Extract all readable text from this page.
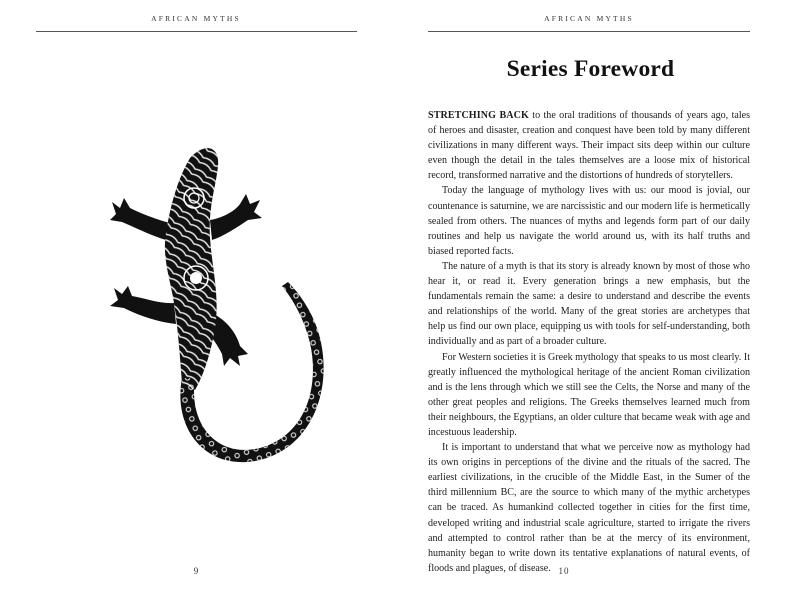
AFRICAN MYTHS
9
AFRICAN MYTHS
Series Foreword

STRETCHING BACK to the oral traditions of thousands of years ago, tales of heroes and disaster, creation and conquest have been told by many different civilizations in many different ways. Their impact sits deep within our culture even though the detail in the tales themselves are a loose mix of historical record, transformed narrative and the distortions of hundreds of storytellers.

Today the language of mythology lives with us: our mood is jovial, our countenance is saturnine, we are narcissistic and our modern life is hermetically sealed from others. The nuances of myths and legends form part of our daily routines and help us navigate the world around us, with its half truths and biased reported facts.

The nature of a myth is that its story is already known by most of those who hear it, or read it. Every generation brings a new emphasis, but the fundamentals remain the same: a desire to understand and describe the events and relationships of the world. Many of the great stories are archetypes that help us find our own place, equipping us with tools for self-understanding, both individually and as part of a broader culture.

For Western societies it is Greek mythology that speaks to us most clearly. It greatly influenced the mythological heritage of the ancient Roman civilization and is the lens through which we still see the Celts, the Norse and many of the other great peoples and religions. The Greeks themselves learned much from their neighbours, the Egyptians, an older culture that became weak with age and incestuous leadership.

It is important to understand that what we perceive now as mythology had its own origins in perceptions of the divine and the rituals of the sacred. The earliest civilizations, in the crucible of the Middle East, in the Sumer of the third millennium BC, are the source to which many of the mythic archetypes can be traced. As humankind collected together in cities for the first time, developed writing and industrial scale agriculture, started to irrigate the rivers and attempted to control rather than be at the mercy of its environment, humanity began to write down its tentative explanations of natural events, of floods and plagues, of disease. 10
